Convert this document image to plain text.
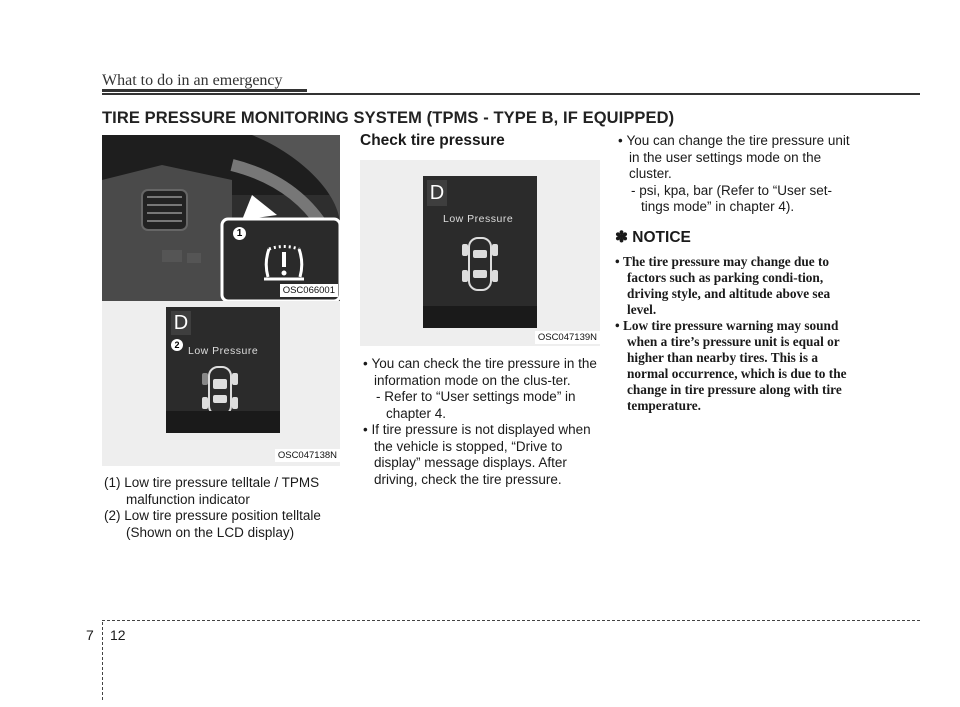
What to do in an emergency
TIRE PRESSURE MONITORING SYSTEM (TPMS - TYPE B, IF EQUIPPED)
1
OSC066001
D
2 Low Pressure
OSC047138N

(1) Low tire pressure telltale / TPMS malfunction indicator

(2) Low tire pressure position telltale (Shown on the LCD display)

Check tire pressure
D
Low Pressure
OSC047139N

• You can check the tire pressure in the information mode on the clus-ter.

- Refer to “User settings mode” in chapter 4.

• If tire pressure is not displayed when the vehicle is stopped, “Drive to display” message displays. After driving, check the tire pressure.

• You can change the tire pressure unit in the user settings mode on the cluster.

- psi, kpa, bar (Refer to “User set-tings mode” in chapter 4).

✽ NOTICE

• The tire pressure may change due to factors such as parking condi-tion, driving style, and altitude above sea level.

• Low tire pressure warning may sound when a tire’s pressure unit is equal or higher than nearby tires. This is a normal occurrence, which is due to the change in tire pressure along with tire temperature.

7 12
